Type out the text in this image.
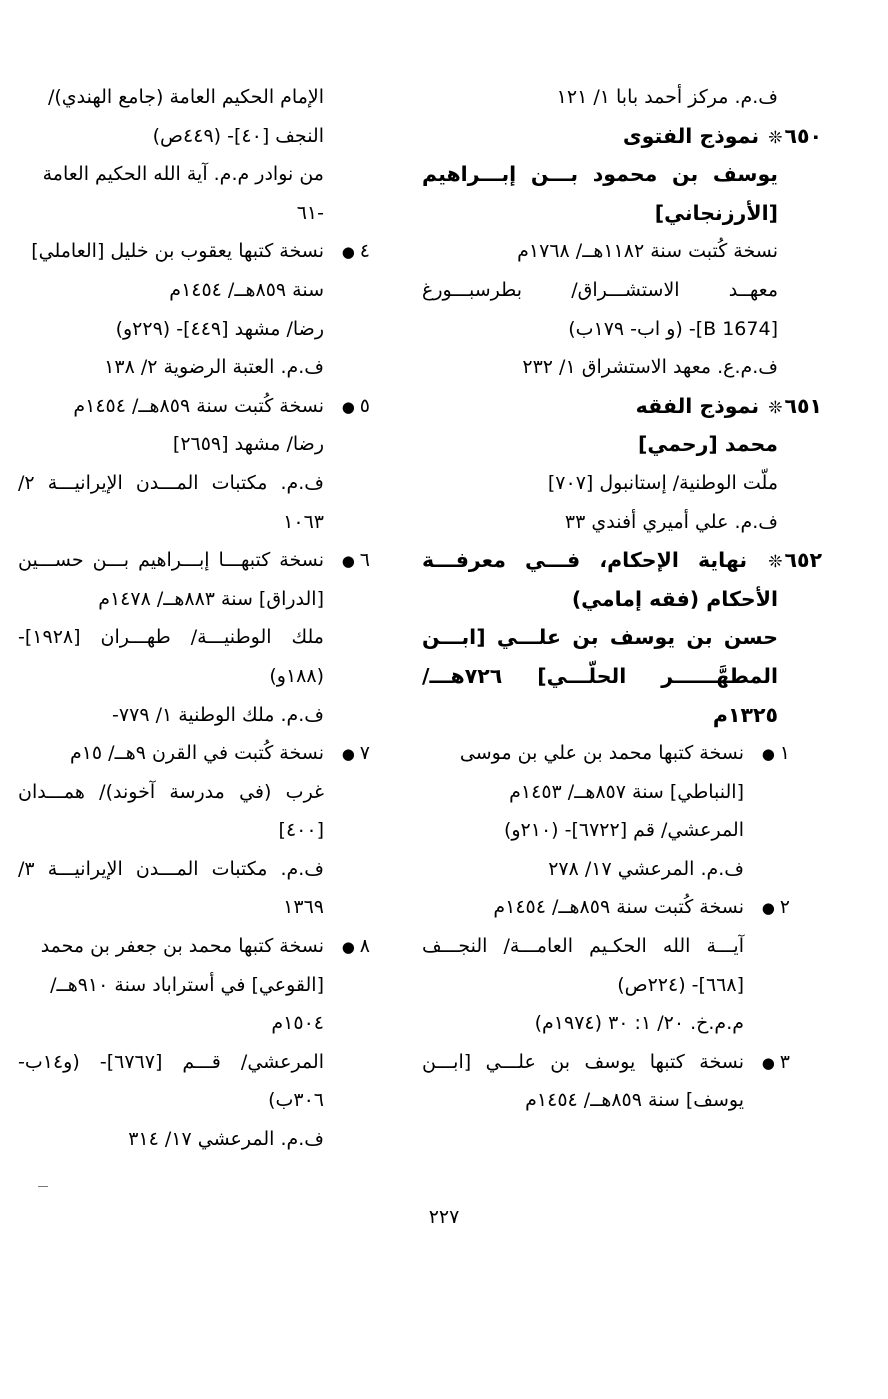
ف.م. مركز أحمد بابا ١/ ١٢١
٦٥٠❊ نموذج الفتوى
يوسف بن محمود بـــن إبـــراهيم
[الأرزنجاني]
نسخة كُتبت سنة ١١٨٢هــ/ ١٧٦٨م
معهــد الاستشـــراق/ بطرسبـــورغ
[B 1674]- (و اب- ١٧٩ب)
ف.م.ع. معهد الاستشراق ١/ ٢٣٢
٦٥١❊ نموذج الفقه
محمد [رحمي]
ملّت الوطنية/ إستانبول [٧٠٧]
ف.م. علي أميري أفندي ٣٣
٦٥٢❊ نهاية الإحكام، فـــي معرفـــة
الأحكام (فقه إمامي)
حسن بن يوسف بن علـــي [ابـــن
المطهَّــــــر الحلّـــي] ٧٢٦هـــ/
١٣٢٥م
١●
نسخة كتبها محمد بن علي بن موسى
[النباطي] سنة ٨٥٧هــ/ ١٤٥٣م
المرعشي/ قم [٦٧٢٢]- (٢١٠و)
ف.م. المرعشي ١٧/ ٢٧٨
٢●
نسخة كُتبت سنة ٨٥٩هــ/ ١٤٥٤م
آيـــة الله الحكـيم العامـــة/ النجـــف
[٦٦٨]- (٢٢٤ص)
م.م.خ. ٢٠/ ١: ٣٠ (١٩٧٤م)
٣●
نسخة كتبها يوسف بن علـــي [ابـــن
يوسف] سنة ٨٥٩هــ/ ١٤٥٤م
الإمام الحكيم العامة (جامع الهندي)/
النجف [٤٠]- (٤٤٩ص)
من نوادر م.م. آية الله الحكيم العامة
-٦١
٤●
نسخة كتبها يعقوب بن خليل [العاملي]
سنة ٨٥٩هــ/ ١٤٥٤م
رضا/ مشهد [٤٤٩]- (٢٢٩و)
ف.م. العتبة الرضوية ٢/ ١٣٨
٥●
نسخة كُتبت سنة ٨٥٩هــ/ ١٤٥٤م
رضا/ مشهد [٢٦٥٩]
ف.م. مكتبات المـــدن الإيرانيـــة ٢/
١٠٦٣
٦●
نسخة كتبهـــا إبـــراهيم بـــن حســـين
[الدراق] سنة ٨٨٣هــ/ ١٤٧٨م
ملك الوطنيـــة/ طهـــران [١٩٢٨]-
(١٨٨و)
ف.م. ملك الوطنية ١/ ٧٧٩-
٧●
نسخة كُتبت في القرن ٩هــ/ ١٥م
غرب (في مدرسة آخوند)/ همـــدان
[٤٠٠]
ف.م. مكتبات المـــدن الإيرانيـــة ٣/
١٣٦٩
٨●
نسخة كتبها محمد بن جعفر بن محمد
[القوعي] في أستراباد سنة ٩١٠هــ/
١٥٠٤م
المرعشي/ قـــم [٦٧٦٧]- (و١٤ب-
٣٠٦ب)
ف.م. المرعشي ١٧/ ٣١٤
٢٢٧
